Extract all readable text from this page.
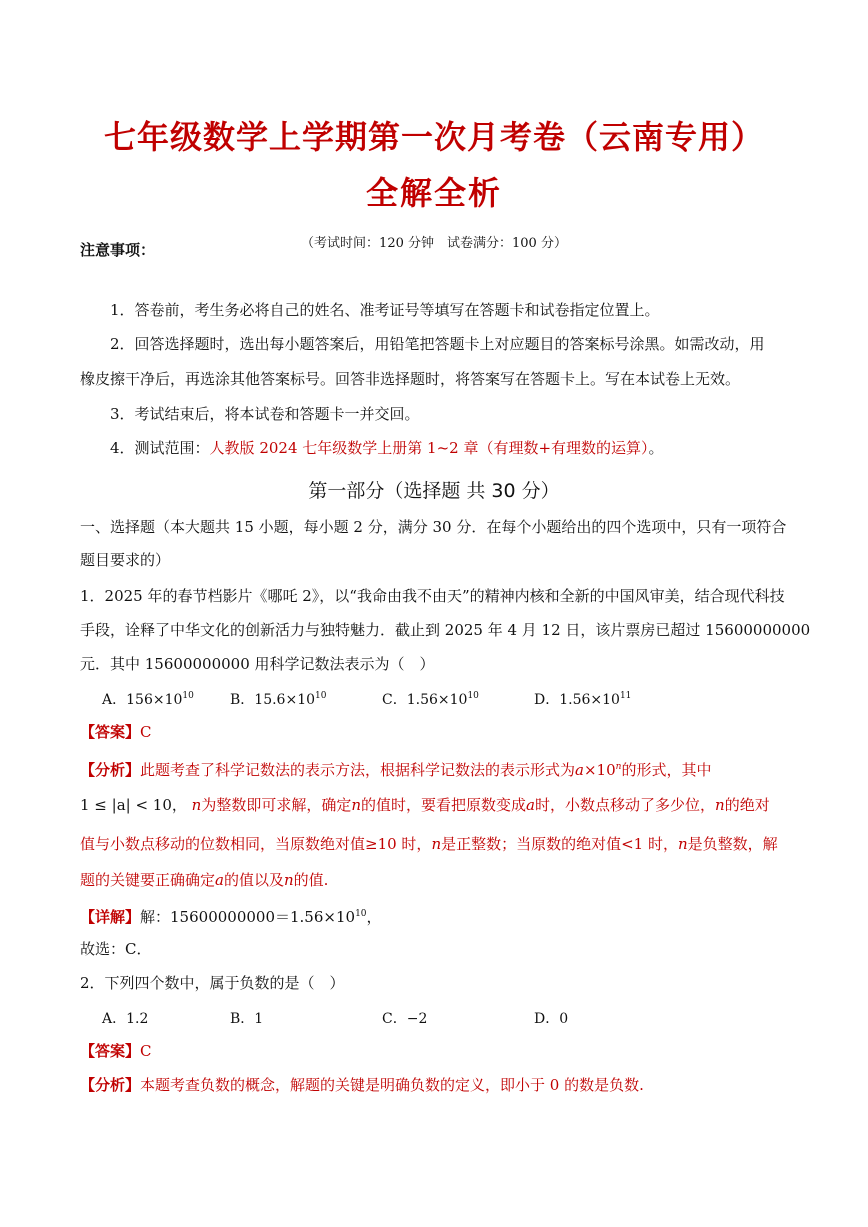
七年级数学上学期第一次月考卷（云南专用）
全解全析
（考试时间：120 分钟　试卷满分：100 分）
注意事项：
1．答卷前，考生务必将自己的姓名、准考证号等填写在答题卡和试卷指定位置上。
2．回答选择题时，选出每小题答案后，用铅笔把答题卡上对应题目的答案标号涂黑。如需改动，用
橡皮擦干净后，再选涂其他答案标号。回答非选择题时，将答案写在答题卡上。写在本试卷上无效。
3．考试结束后，将本试卷和答题卡一并交回。
4．测试范围：人教版 2024 七年级数学上册第 1~2 章（有理数+有理数的运算）。
第一部分（选择题 共 30 分）
一、选择题（本大题共 15 小题，每小题 2 分，满分 30 分．在每个小题给出的四个选项中，只有一项符合
题目要求的）
1．2025 年的春节档影片《哪吒 2》，以“我命由我不由天”的精神内核和全新的中国风审美，结合现代科技
手段，诠释了中华文化的创新活力与独特魅力．截止到 2025 年 4 月 12 日，该片票房已超过 15600000000
元．其中 15600000000 用科学记数法表示为（　）
A．$156\times 10^{10}$	B．$15.6\times 10^{10}$	C．$1.56\times 10^{10}$	D．$1.56\times 10^{11}$
【答案】C
【分析】此题考查了科学记数法的表示方法，根据科学记数法的表示形式为$a\times 10^n$的形式，其中
1 ≤ |a| < 10， n为整数即可求解，确定n的值时，要看把原数变成a时，小数点移动了多少位，n的绝对
值与小数点移动的位数相同，当原数绝对值≥10 时，n是正整数；当原数的绝对值<1 时，n是负整数，解
题的关键要正确确定a的值以及n的值.
【详解】解：$15600000000=1.56\times 10^{10}$，
故选：C．
2．下列四个数中，属于负数的是（　）
A．1.2	B．1	C．−2	D．0
【答案】C
【分析】本题考查负数的概念，解题的关键是明确负数的定义，即小于 0 的数是负数.
